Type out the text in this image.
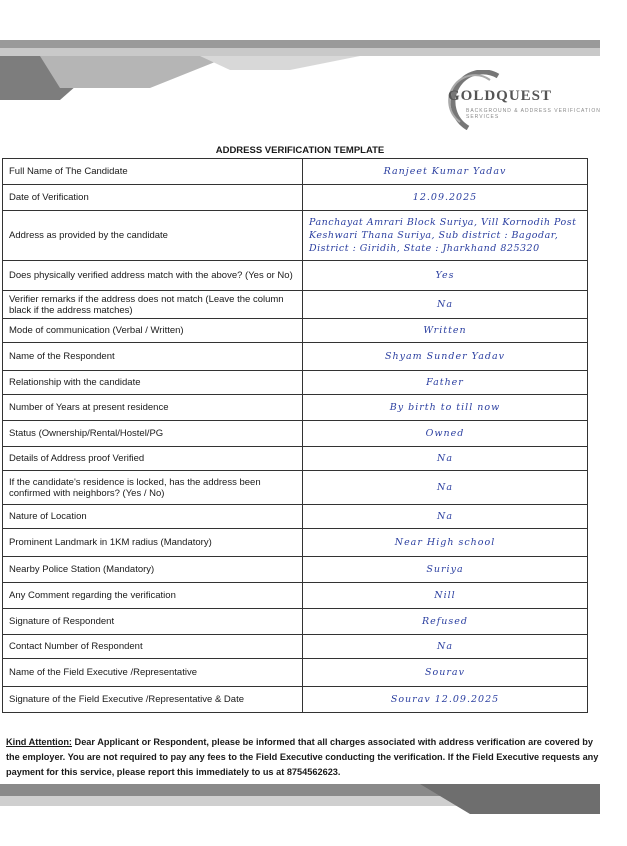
GOLDQUEST
BACKGROUND & ADDRESS VERIFICATION SERVICES
ADDRESS VERIFICATION TEMPLATE
Full Name of The Candidate	Ranjeet Kumar Yadav
Date of Verification	12.09.2025
Address as provided by the candidate	Panchayat Amrari Block Suriya, Vill Kornodih Post Keshwari Thana Suriya, Sub district : Bagodar, District : Giridih, State : Jharkhand 825320
Does physically verified address match with the above? (Yes or No)	Yes
Verifier remarks if the address does not match (Leave the column black if the address matches)	Na
Mode of communication (Verbal / Written)	Written
Name of the Respondent	Shyam Sunder Yadav
Relationship with the candidate	Father
Number of Years at present residence	By birth to till now
Status (Ownership/Rental/Hostel/PG	Owned
Details of Address proof Verified	Na
If the candidate's residence is locked, has the address been confirmed with neighbors? (Yes / No)	Na
Nature of Location	Na
Prominent Landmark in 1KM radius (Mandatory)	Near High school
Nearby Police Station (Mandatory)	Suriya
Any Comment regarding the verification	Nill
Signature of Respondent	Refused
Contact Number of Respondent	Na
Name of the Field Executive /Representative	Sourav
Signature of the Field Executive /Representative & Date	Sourav 12.09.2025
Kind Attention: Dear Applicant or Respondent, please be informed that all charges associated with address verification are covered by the employer. You are not required to pay any fees to the Field Executive conducting the verification. If the Field Executive requests any payment for this service, please report this immediately to us at 8754562623.
